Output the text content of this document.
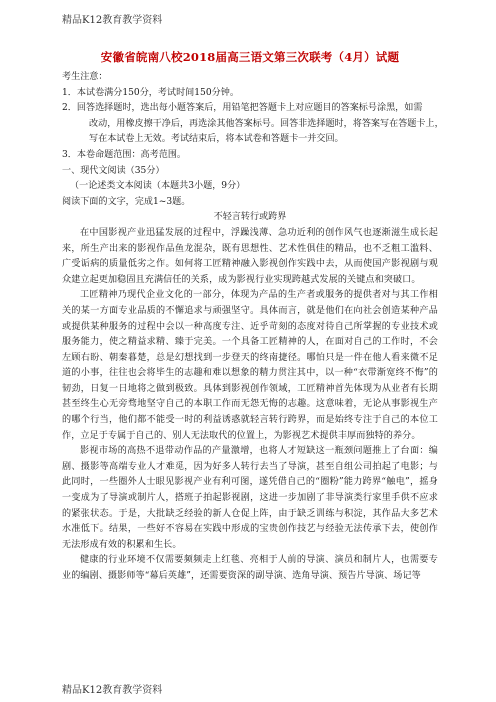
精品K12教育教学资料
安徽省皖南八校2018届高三语文第三次联考（4月）试题
考生注意：
1．本试卷满分150分，考试时间150分钟。
2．回答选择题时，选出每小题答案后，用铅笔把答题卡上对应题目的答案标号涂黑，如需
改动，用橡皮擦干净后，再选涂其他答案标号。回答非选择题时，将答案写在答题卡上，
写在本试卷上无效。考试结束后，将本试卷和答题卡一并交回。
3．本卷命题范围：高考范围。
一、现代文阅读（35分）
（一论述类文本阅读（本题共3小题，9分）
阅读下面的文字，完成1~3题。
不轻言转行或跨界

在中国影视产业迅猛发展的过程中，浮躁浅薄、急功近利的创作风气也逐渐滋生成长起来，所生产出来的影视作品鱼龙混杂，既有思想性、艺术性俱佳的精品，也不乏粗工滥料、广受诟病的质量低劣之作。如何将工匠精神融入影视创作实践中去，从而使国产影视剧与观众建立起更加稳固且充满信任的关系，成为影视行业实现跨越式发展的关键点和突破口。

工匠精神乃现代企业文化的一部分，体现为产品的生产者或服务的提供者对与其工作相关的某一方面专业品质的不懈追求与顽强坚守。具体而言，就是他们在向社会创造某种产品或提供某种服务的过程中会以一种高度专注、近乎苛刻的态度对待自己所掌握的专业技术或服务能力，使之精益求精、臻于完美。一个具备工匠精神的人，在面对自己的工作时，不会左顾右盼、朝秦暮楚，总是幻想找到一步登天的终南捷径。哪怕只是一件在他人看来微不足道的小事，往往也会将毕生的志趣和难以想象的精力贯注其中，以一种“衣带渐宽终不悔”的韧劲，日复一日地将之做到极致。具体到影视创作领域，工匠精神首先体现为从业者有长期甚至终生心无旁骛地坚守自己的本职工作而无怨无悔的志趣。这意味着，无论从事影视生产的哪个行当，他们都不能受一时的利益诱惑就轻言转行跨界，而是始终专注于自己的本位工作，立足于专属于自己的、别人无法取代的位置上，为影视艺术提供丰厚而独特的养分。

影视市场的高热不退带动作品的产量激增，也将人才短缺这一瓶颈问题推上了台面：编剧、摄影等高端专业人才难觅，因为好多人转行去当了导演，甚至自组公司拍起了电影；与此同时，一些圈外人士眼见影视产业有利可图，遂凭借自己的“圈粉”能力跨界“触电”，摇身一变成为了导演或制片人，搭班子拍起影视剧，这进一步加剧了非导演类行家里手供不应求的紧张状态。于是，大批缺乏经验的新人仓促上阵，由于缺乏训练与积淀，其作品大多艺术水准低下。结果，一些好不容易在实践中形成的宝贵创作技艺与经验无法传承下去，使创作无法形成有效的积累和生长。

健康的行业环境不仅需要频频走上红毯、亮相于人前的导演、演员和制片人，也需要专业的编剧、摄影师等“幕后英雄”，还需要资深的副导演、选角导演、预告片导演、场记等

精品K12教育教学资料
